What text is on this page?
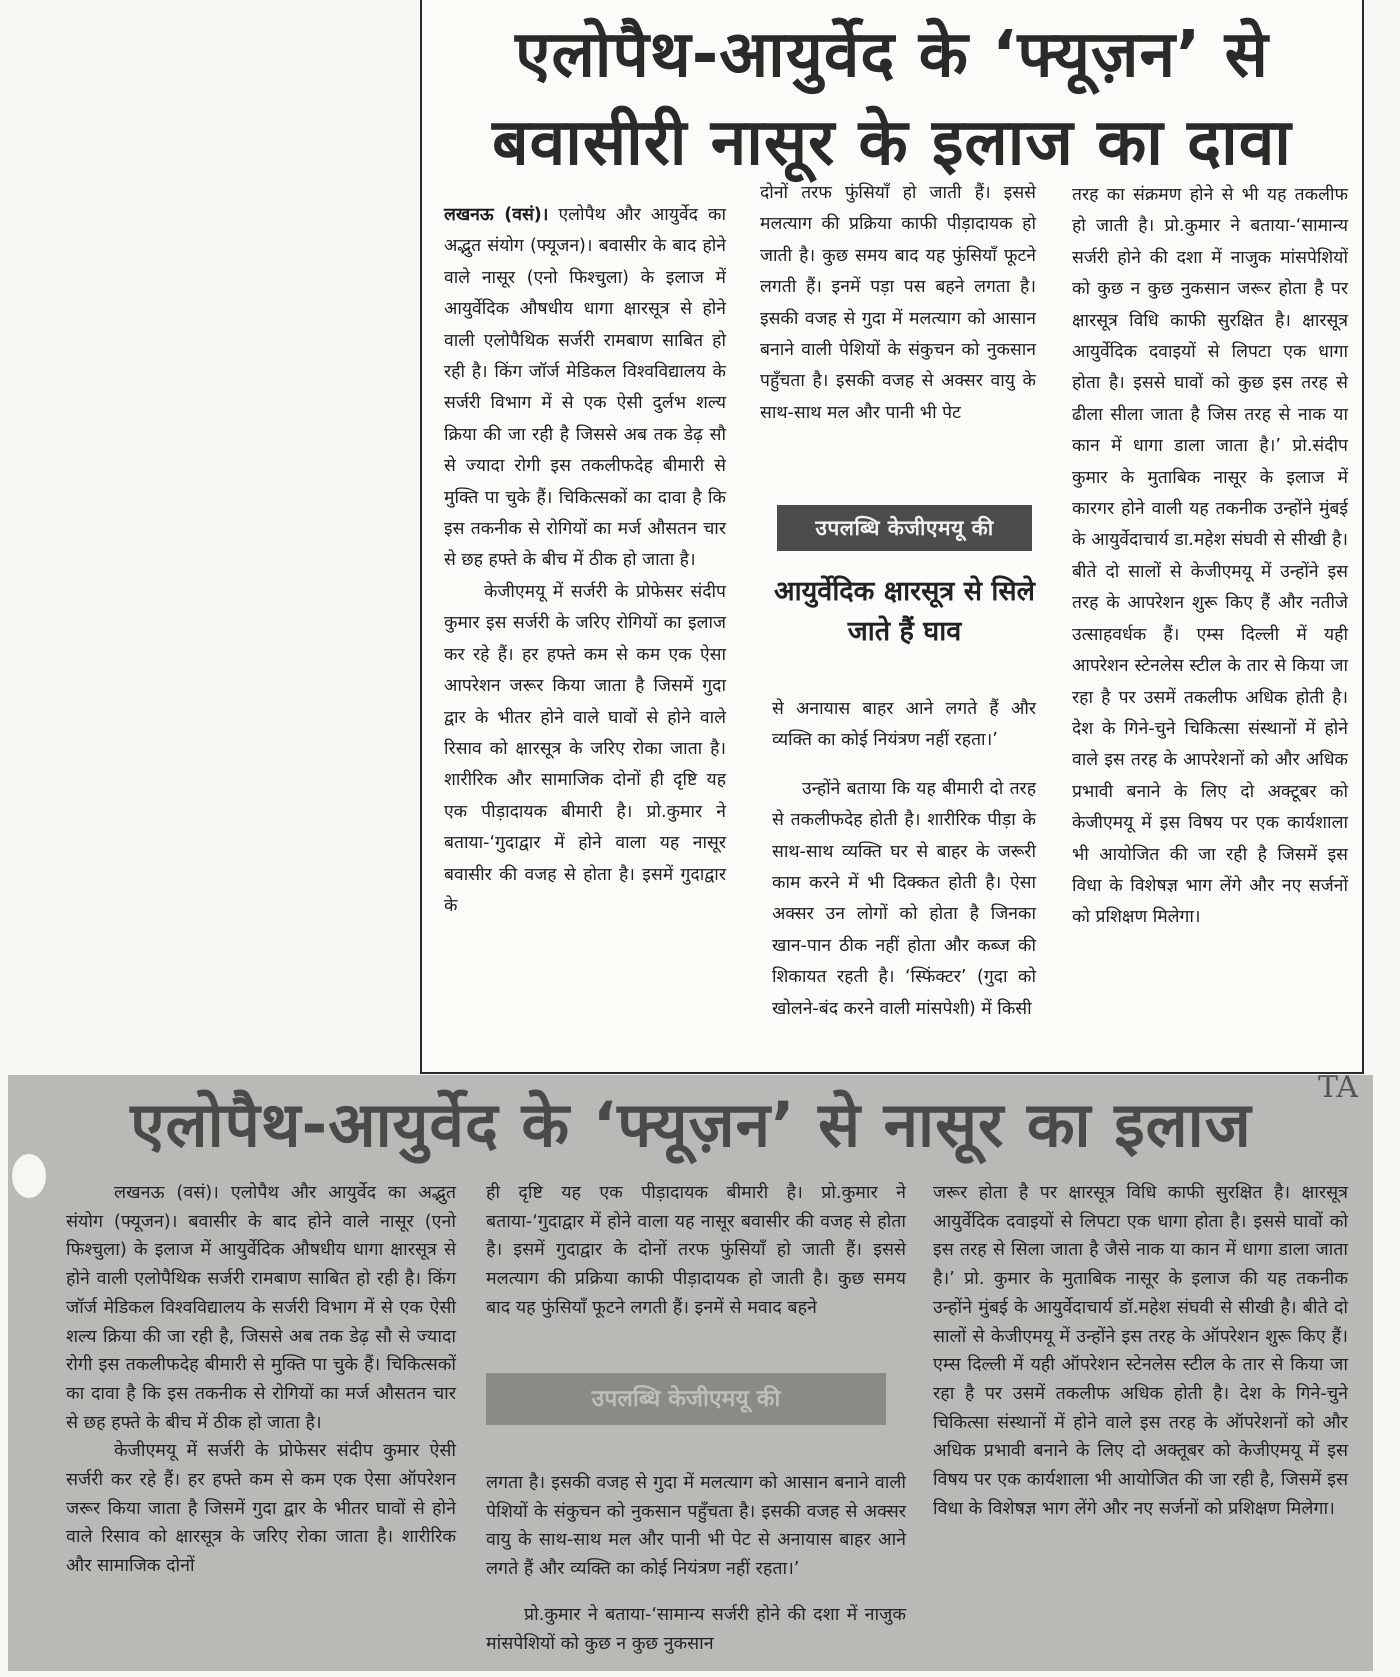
एलोपैथ-आयुर्वेद के ‘फ्यूज़न’ से
बवासीरी नासूर के इलाज का दावा

लखनऊ (वसं)। एलोपैथ और आयुर्वेद का अद्भुत संयोग (फ्यूजन)। बवासीर के बाद होने वाले नासूर (एनो फिश्चुला) के इलाज में आयुर्वेदिक औषधीय धागा क्षारसूत्र से होने वाली एलोपैथिक सर्जरी रामबाण साबित हो रही है। किंग जॉर्ज मेडिकल विश्वविद्यालय के सर्जरी विभाग में से एक ऐसी दुर्लभ शल्य क्रिया की जा रही है जिससे अब तक डेढ़ सौ से ज्यादा रोगी इस तकलीफदेह बीमारी से मुक्ति पा चुके हैं। चिकित्सकों का दावा है कि इस तकनीक से रोगियों का मर्ज औसतन चार से छह हफ्ते के बीच में ठीक हो जाता है।

केजीएमयू में सर्जरी के प्रोफेसर संदीप कुमार इस सर्जरी के जरिए रोगियों का इलाज कर रहे हैं। हर हफ्ते कम से कम एक ऐसा आपरेशन जरूर किया जाता है जिसमें गुदा द्वार के भीतर होने वाले घावों से होने वाले रिसाव को क्षारसूत्र के जरिए रोका जाता है। शारीरिक और सामाजिक दोनों ही दृष्टि यह एक पीड़ादायक बीमारी है। प्रो.कुमार ने बताया-‘गुदाद्वार में होने वाला यह नासूर बवासीर की वजह से होता है। इसमें गुदाद्वार के

दोनों तरफ फुंसियाँ हो जाती हैं। इससे मलत्याग की प्रक्रिया काफी पीड़ादायक हो जाती है। कुछ समय बाद यह फुंसियाँ फूटने लगती हैं। इनमें पड़ा पस बहने लगता है। इसकी वजह से गुदा में मलत्याग को आसान बनाने वाली पेशियों के संकुचन को नुकसान पहुँचता है। इसकी वजह से अक्सर वायु के साथ-साथ मल और पानी भी पेट

उपलब्धि केजीएमयू की
आयुर्वेदिक क्षारसूत्र से सिले जाते हैं घाव

से अनायास बाहर आने लगते हैं और व्यक्ति का कोई नियंत्रण नहीं रहता।’

उन्होंने बताया कि यह बीमारी दो तरह से तकलीफदेह होती है। शारीरिक पीड़ा के साथ-साथ व्यक्ति घर से बाहर के जरूरी काम करने में भी दिक्कत होती है। ऐसा अक्सर उन लोगों को होता है जिनका खान-पान ठीक नहीं होता और कब्ज की शिकायत रहती है। ‘स्फिंक्टर’ (गुदा को खोलने-बंद करने वाली मांसपेशी) में किसी

तरह का संक्रमण होने से भी यह तकलीफ हो जाती है। प्रो.कुमार ने बताया-‘सामान्य सर्जरी होने की दशा में नाजुक मांसपेशियों को कुछ न कुछ नुकसान जरूर होता है पर क्षारसूत्र विधि काफी सुरक्षित है। क्षारसूत्र आयुर्वेदिक दवाइयों से लिपटा एक धागा होता है। इससे घावों को कुछ इस तरह से ढीला सीला जाता है जिस तरह से नाक या कान में धागा डाला जाता है।’ प्रो.संदीप कुमार के मुताबिक नासूर के इलाज में कारगर होने वाली यह तकनीक उन्होंने मुंबई के आयुर्वेदाचार्य डा.महेश संघवी से सीखी है। बीते दो सालों से केजीएमयू में उन्होंने इस तरह के आपरेशन शुरू किए हैं और नतीजे उत्साहवर्धक हैं। एम्स दिल्ली में यही आपरेशन स्टेनलेस स्टील के तार से किया जा रहा है पर उसमें तकलीफ अधिक होती है। देश के गिने-चुने चिकित्सा संस्थानों में होने वाले इस तरह के आपरेशनों को और अधिक प्रभावी बनाने के लिए दो अक्टूबर को केजीएमयू में इस विषय पर एक कार्यशाला भी आयोजित की जा रही है जिसमें इस विधा के विशेषज्ञ भाग लेंगे और नए सर्जनों को प्रशिक्षण मिलेगा।

एलोपैथ-आयुर्वेद के ‘फ्यूज़न’ से नासूर का इलाज

लखनऊ (वसं)। एलोपैथ और आयुर्वेद का अद्भुत संयोग (फ्यूजन)। बवासीर के बाद होने वाले नासूर (एनो फिश्चुला) के इलाज में आयुर्वेदिक औषधीय धागा क्षारसूत्र से होने वाली एलोपैथिक सर्जरी रामबाण साबित हो रही है। किंग जॉर्ज मेडिकल विश्वविद्यालय के सर्जरी विभाग में से एक ऐसी शल्य क्रिया की जा रही है, जिससे अब तक डेढ़ सौ से ज्यादा रोगी इस तकलीफदेह बीमारी से मुक्ति पा चुके हैं। चिकित्सकों का दावा है कि इस तकनीक से रोगियों का मर्ज औसतन चार से छह हफ्ते के बीच में ठीक हो जाता है।

केजीएमयू में सर्जरी के प्रोफेसर संदीप कुमार ऐसी सर्जरी कर रहे हैं। हर हफ्ते कम से कम एक ऐसा ऑपरेशन जरूर किया जाता है जिसमें गुदा द्वार के भीतर घावों से होने वाले रिसाव को क्षारसूत्र के जरिए रोका जाता है। शारीरिक और सामाजिक दोनों

ही दृष्टि यह एक पीड़ादायक बीमारी है। प्रो.कुमार ने बताया-‘गुदाद्वार में होने वाला यह नासूर बवासीर की वजह से होता है। इसमें गुदाद्वार के दोनों तरफ फुंसियाँ हो जाती हैं। इससे मलत्याग की प्रक्रिया काफी पीड़ादायक हो जाती है। कुछ समय बाद यह फुंसियाँ फूटने लगती हैं। इनमें से मवाद बहने

उपलब्धि केजीएमयू की

लगता है। इसकी वजह से गुदा में मलत्याग को आसान बनाने वाली पेशियों के संकुचन को नुकसान पहुँचता है। इसकी वजह से अक्सर वायु के साथ-साथ मल और पानी भी पेट से अनायास बाहर आने लगते हैं और व्यक्ति का कोई नियंत्रण नहीं रहता।’

प्रो.कुमार ने बताया-‘सामान्य सर्जरी होने की दशा में नाजुक मांसपेशियों को कुछ न कुछ नुकसान

जरूर होता है पर क्षारसूत्र विधि काफी सुरक्षित है। क्षारसूत्र आयुर्वेदिक दवाइयों से लिपटा एक धागा होता है। इससे घावों को इस तरह से सिला जाता है जैसे नाक या कान में धागा डाला जाता है।’ प्रो. कुमार के मुताबिक नासूर के इलाज की यह तकनीक उन्होंने मुंबई के आयुर्वेदाचार्य डॉ.महेश संघवी से सीखी है। बीते दो सालों से केजीएमयू में उन्होंने इस तरह के ऑपरेशन शुरू किए हैं। एम्स दिल्ली में यही ऑपरेशन स्टेनलेस स्टील के तार से किया जा रहा है पर उसमें तकलीफ अधिक होती है। देश के गिने-चुने चिकित्सा संस्थानों में होने वाले इस तरह के ऑपरेशनों को और अधिक प्रभावी बनाने के लिए दो अक्तूबर को केजीएमयू में इस विषय पर एक कार्यशाला भी आयोजित की जा रही है, जिसमें इस विधा के विशेषज्ञ भाग लेंगे और नए सर्जनों को प्रशिक्षण मिलेगा।

TA
